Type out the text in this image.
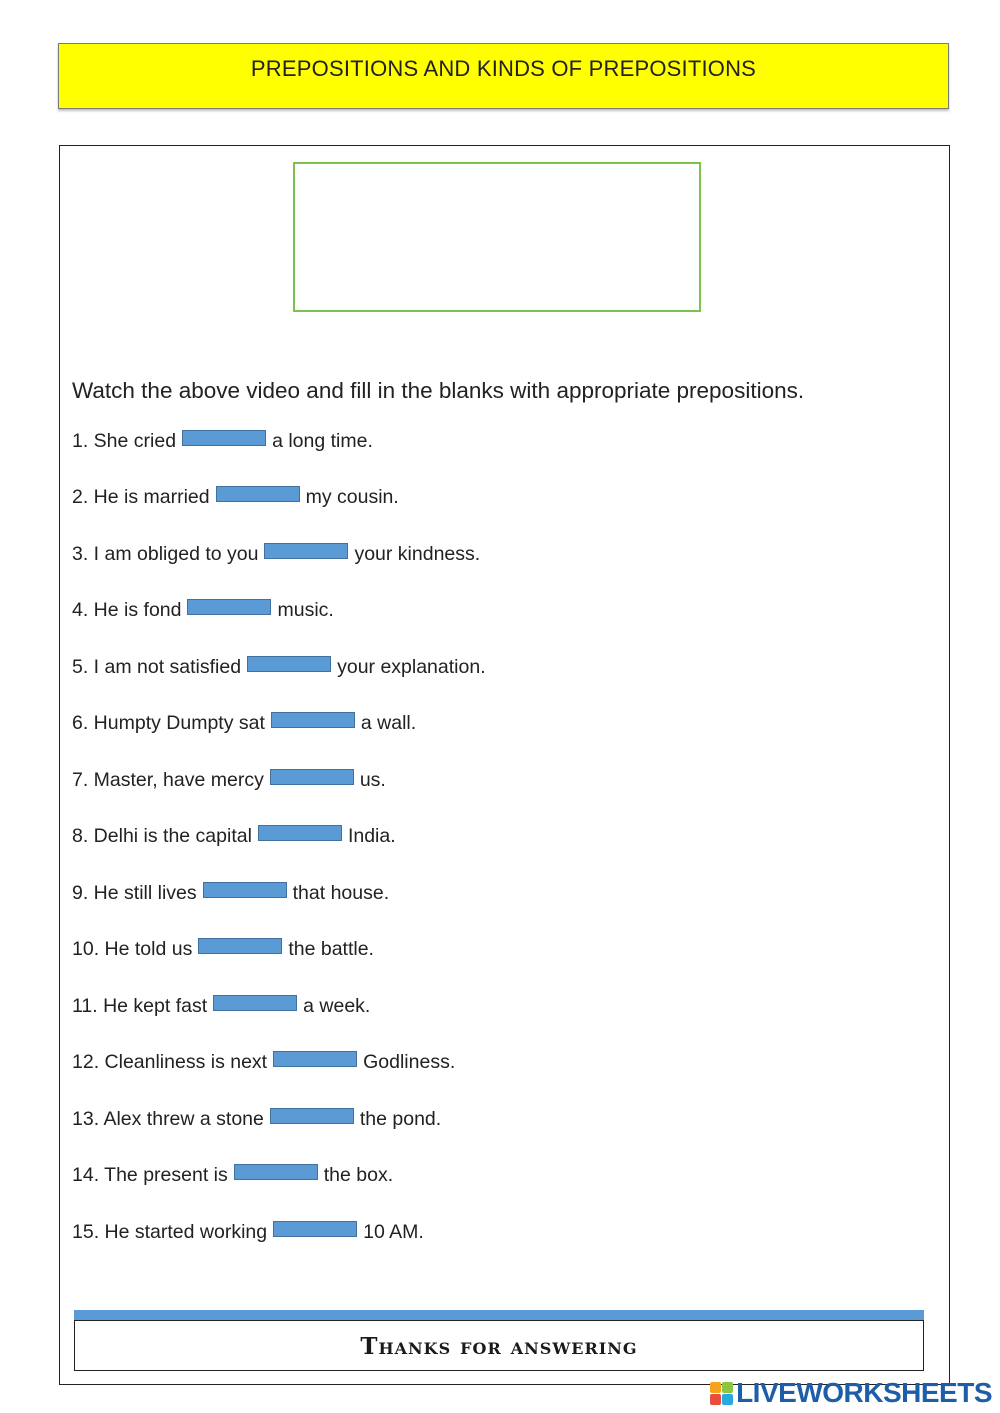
PREPOSITIONS AND KINDS OF PREPOSITIONS
Watch the above video and fill in the blanks with appropriate prepositions.
1. She cried	a long time.
2. He is married	my cousin.
3. I am obliged to you	your kindness.
4. He is fond	music.
5. I am not satisfied	your explanation.
6. Humpty Dumpty sat	a wall.
7. Master, have mercy	us.
8. Delhi is the capital	India.
9. He still lives	that house.
10. He told us	the battle.
11. He kept fast	a week.
12. Cleanliness is next	Godliness.
13. Alex threw a stone	the pond.
14. The present is	the box.
15. He started working	10 AM.
Thanks for answering
LIVEWORKSHEETS
